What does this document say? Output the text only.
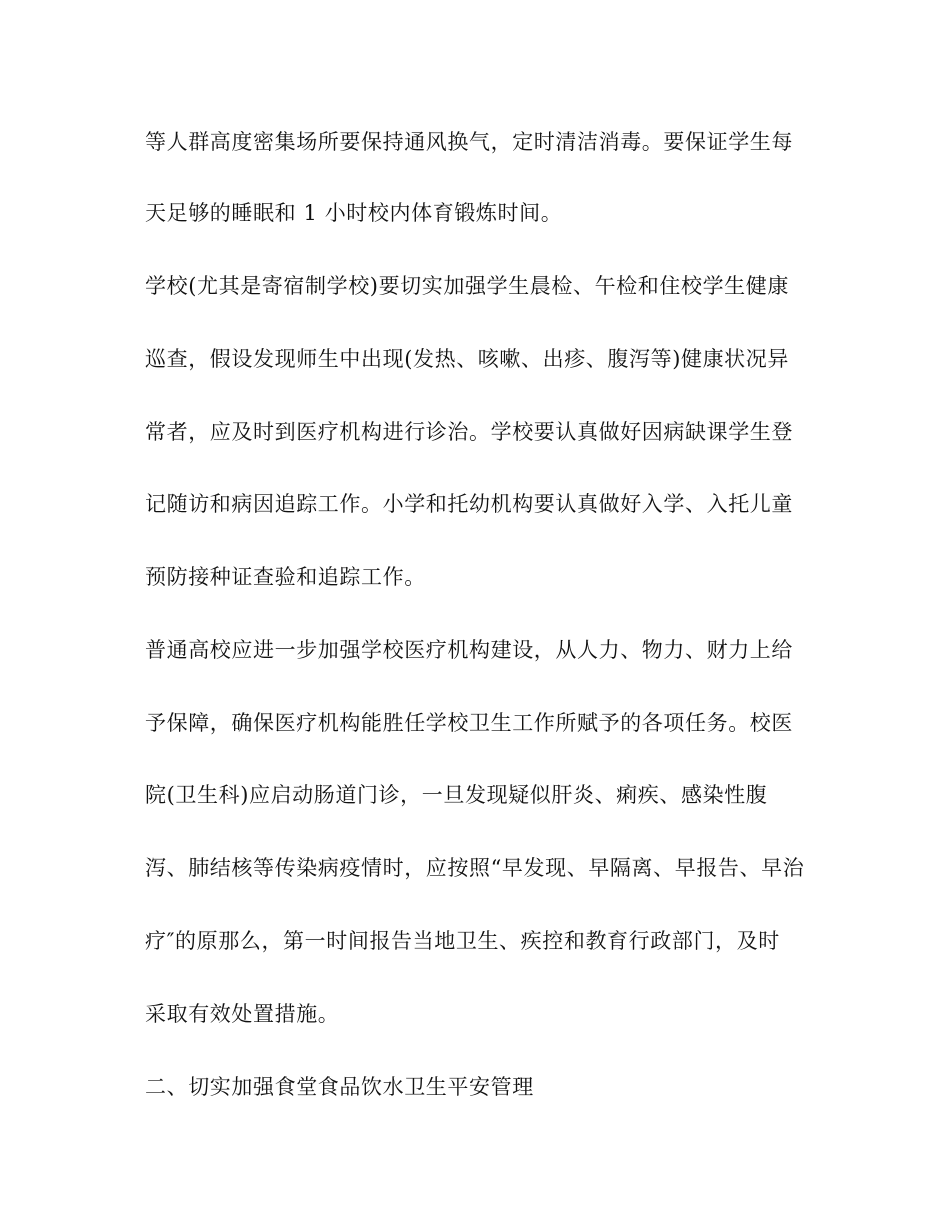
等人群高度密集场所要保持通风换气，定时清洁消毒。要保证学生每
天足够的睡眠和 1 小时校内体育锻炼时间。
学校(尤其是寄宿制学校)要切实加强学生晨检、午检和住校学生健康
巡查，假设发现师生中出现(发热、咳嗽、出疹、腹泻等)健康状况异
常者，应及时到医疗机构进行诊治。学校要认真做好因病缺课学生登
记随访和病因追踪工作。小学和托幼机构要认真做好入学、入托儿童
预防接种证查验和追踪工作。
普通高校应进一步加强学校医疗机构建设，从人力、物力、财力上给
予保障，确保医疗机构能胜任学校卫生工作所赋予的各项任务。校医
院(卫生科)应启动肠道门诊，一旦发现疑似肝炎、痢疾、感染性腹
泻、肺结核等传染病疫情时，应按照“早发现、早隔离、早报告、早治
疗″的原那么，第一时间报告当地卫生、疾控和教育行政部门，及时
采取有效处置措施。
二、切实加强食堂食品饮水卫生平安管理
